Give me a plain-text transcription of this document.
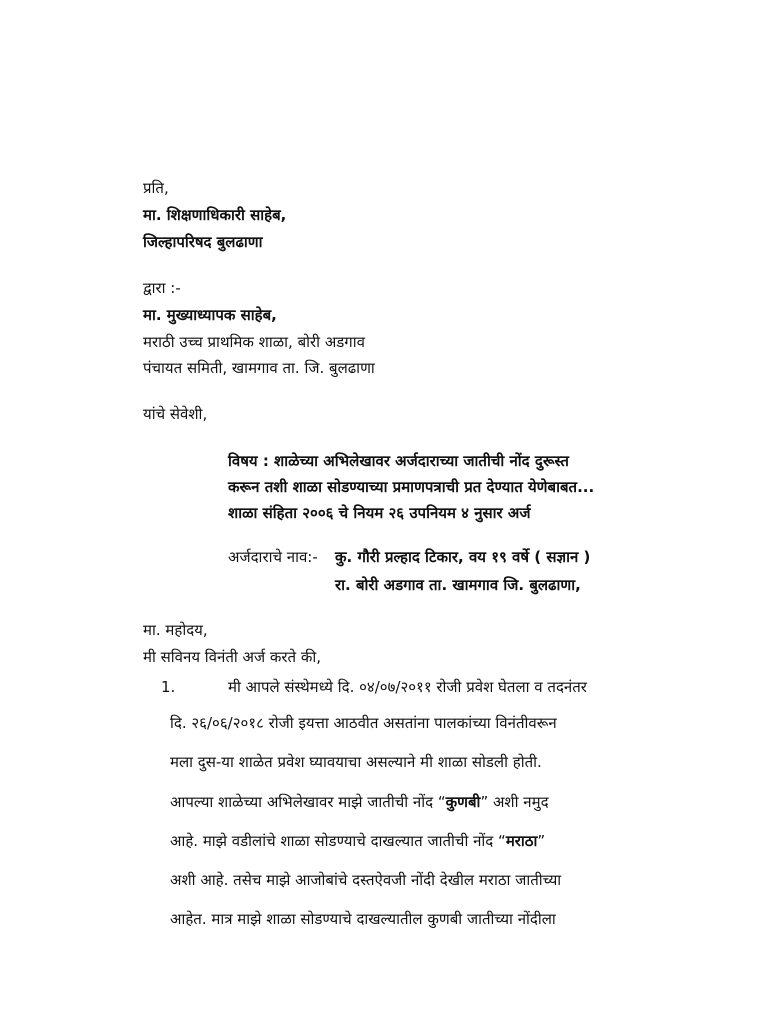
प्रति,
मा. शिक्षणाधिकारी साहेब,
जिल्हापरिषद बुलढाणा
द्वारा :-
मा. मुख्याध्यापक साहेब,
मराठी उच्च प्राथमिक शाळा, बोरी अडगाव
पंचायत समिती, खामगाव ता. जि. बुलढाणा
यांचे सेवेशी,
विषय : शाळेच्या अभिलेखावर अर्जदाराच्या जातीची नोंद दुरूस्त
करून तशी शाळा सोडण्याच्या प्रमाणपत्राची प्रत देण्यात येणेबाबत...
शाळा संहिता २००६ चे नियम २६ उपनियम ४ नुसार अर्ज
अर्जदाराचे नाव:- कु. गौरी प्रल्हाद टिकार, वय १९ वर्षे ( सज्ञान )
रा. बोरी अडगाव ता. खामगाव जि. बुलढाणा,
मा. महोदय,
मी सविनय विनंती अर्ज करते की,
1.	मी आपले संस्थेमध्ये दि. ०४/०७/२०११ रोजी प्रवेश घेतला व तदनंतर
दि. २६/०६/२०१८ रोजी इयत्ता आठवीत असतांना पालकांच्या विनंतीवरून
मला दुस-या शाळेत प्रवेश घ्यावयाचा असल्याने मी शाळा सोडली होती.
आपल्या शाळेच्या अभिलेखावर माझे जातीची नोंद “कुणबी” अशी नमुद
आहे. माझे वडीलांचे शाळा सोडण्याचे दाखल्यात जातीची नोंद “मराठा”
अशी आहे. तसेच माझे आजोबांचे दस्तऐवजी नोंदी देखील मराठा जातीच्या
आहेत. मात्र माझे शाळा सोडण्याचे दाखल्यातील कुणबी जातीच्या नोंदीला
